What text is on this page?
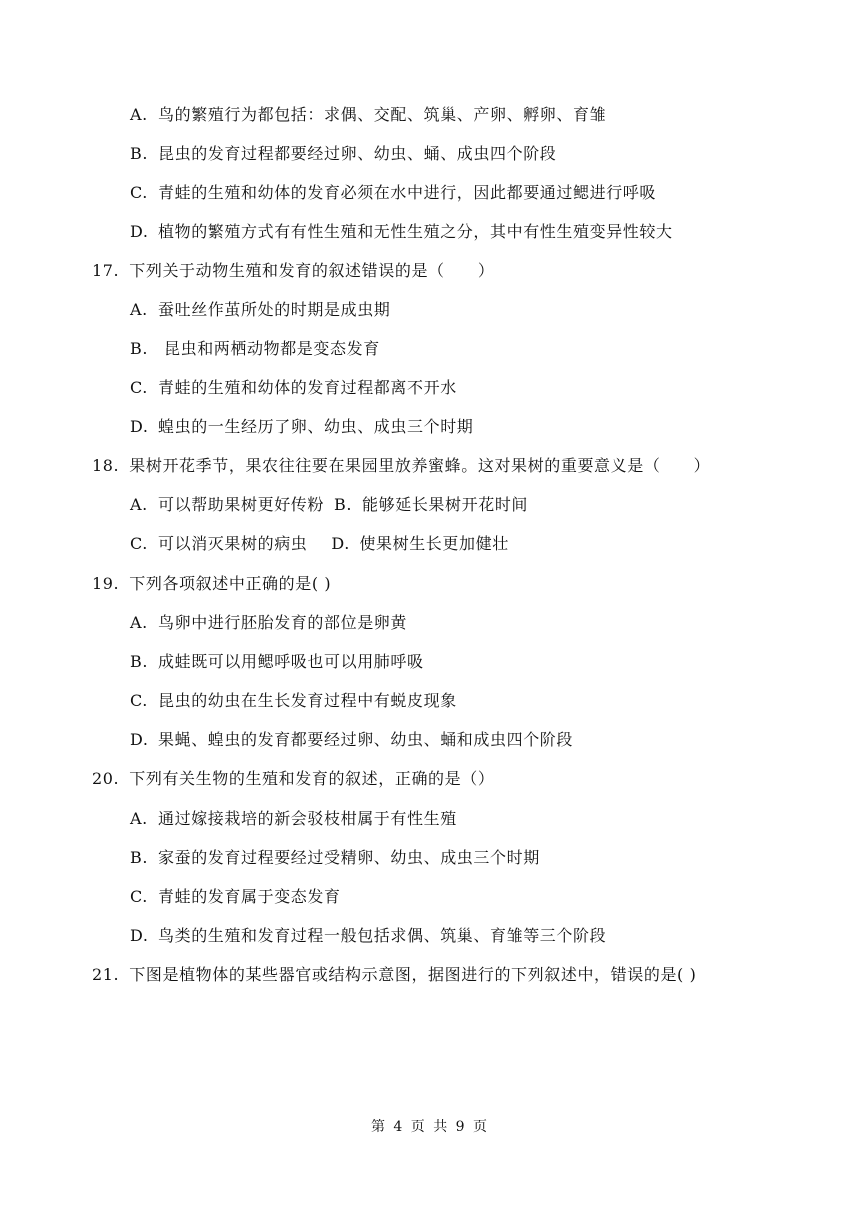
A. 鸟的繁殖行为都包括：求偶、交配、筑巢、产卵、孵卵、育雏
B. 昆虫的发育过程都要经过卵、幼虫、蛹、成虫四个阶段
C. 青蛙的生殖和幼体的发育必须在水中进行，因此都要通过鳃进行呼吸
D. 植物的繁殖方式有有性生殖和无性生殖之分，其中有性生殖变异性较大
17. 下列关于动物生殖和发育的叙述错误的是（　　）
A. 蚕吐丝作茧所处的时期是成虫期
B. 昆虫和两栖动物都是变态发育
C. 青蛙的生殖和幼体的发育过程都离不开水
D. 蝗虫的一生经历了卵、幼虫、成虫三个时期
18. 果树开花季节，果农往往要在果园里放养蜜蜂。这对果树的重要意义是（　　）
A. 可以帮助果树更好传粉 B. 能够延长果树开花时间
C. 可以消灭果树的病虫 D. 使果树生长更加健壮
19. 下列各项叙述中正确的是( )
A. 鸟卵中进行胚胎发育的部位是卵黄
B. 成蛙既可以用鳃呼吸也可以用肺呼吸
C. 昆虫的幼虫在生长发育过程中有蜕皮现象
D. 果蝇、蝗虫的发育都要经过卵、幼虫、蛹和成虫四个阶段
20. 下列有关生物的生殖和发育的叙述，正确的是（）
A. 通过嫁接栽培的新会驳枝柑属于有性生殖
B. 家蚕的发育过程要经过受精卵、幼虫、成虫三个时期
C. 青蛙的发育属于变态发育
D. 鸟类的生殖和发育过程一般包括求偶、筑巢、育雏等三个阶段
21. 下图是植物体的某些器官或结构示意图，据图进行的下列叙述中，错误的是( )
第 4 页 共 9 页
